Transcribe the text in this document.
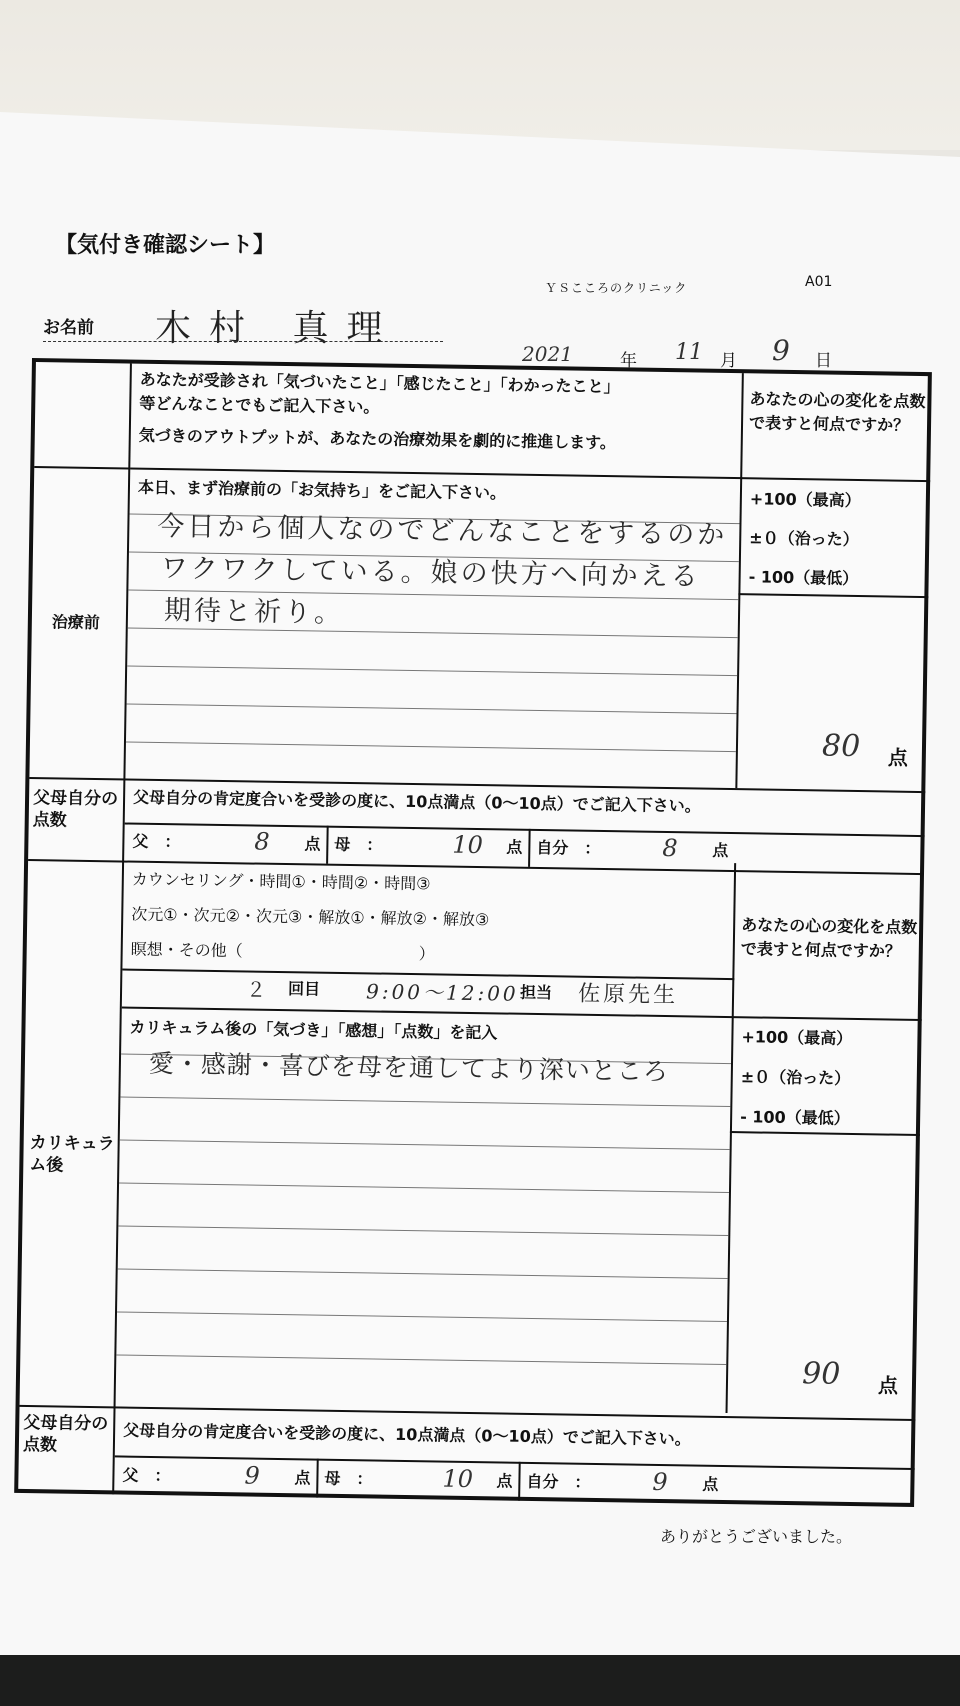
【気付き確認シート】
ＹＳこころのクリニック	A01
お名前 木村 真理
2021	年 11 月 9 日
あなたが受診され「気づいたこと」「感じたこと」「わかったこと」
等どんなことでもご記入下さい。
気づきのアウトプットが、あなたの治療効果を劇的に推進します。
あなたの心の変化を点数で表すと何点ですか？
治療前
本日、まず治療前の「お気持ち」をご記入下さい。	+100（最高）
±０（治った）
- 100（最低）
今日から個人なのでどんなことをするのか
ワクワクしている。娘の快方へ向かえる
期待と祈り。
80 点
父母自分の点数
父母自分の肯定度合いを受診の度に、10点満点（0～10点）でご記入下さい。
父　：	8 点 母　：	10 点 自分　：	8 点
カリキュラム後
カウンセリング・時間①・時間②・時間③
次元①・次元②・次元③・解放①・解放②・解放③
瞑想・その他（　　　　　　　　　　　）
２ 回目 9:00～12:00 担当 佐原先生
あなたの心の変化を点数で表すと何点ですか？
カリキュラム後の「気づき」「感想」「点数」を記入	+100（最高）
±０（治った）
- 100（最低）
愛・感謝・喜びを母を通してより深いところ
90 点
父母自分の点数	父母自分の肯定度合いを受診の度に、10点満点（0～10点）でご記入下さい。
父　：	9 点 母　：	10 点 自分　：	9 点
ありがとうございました。
